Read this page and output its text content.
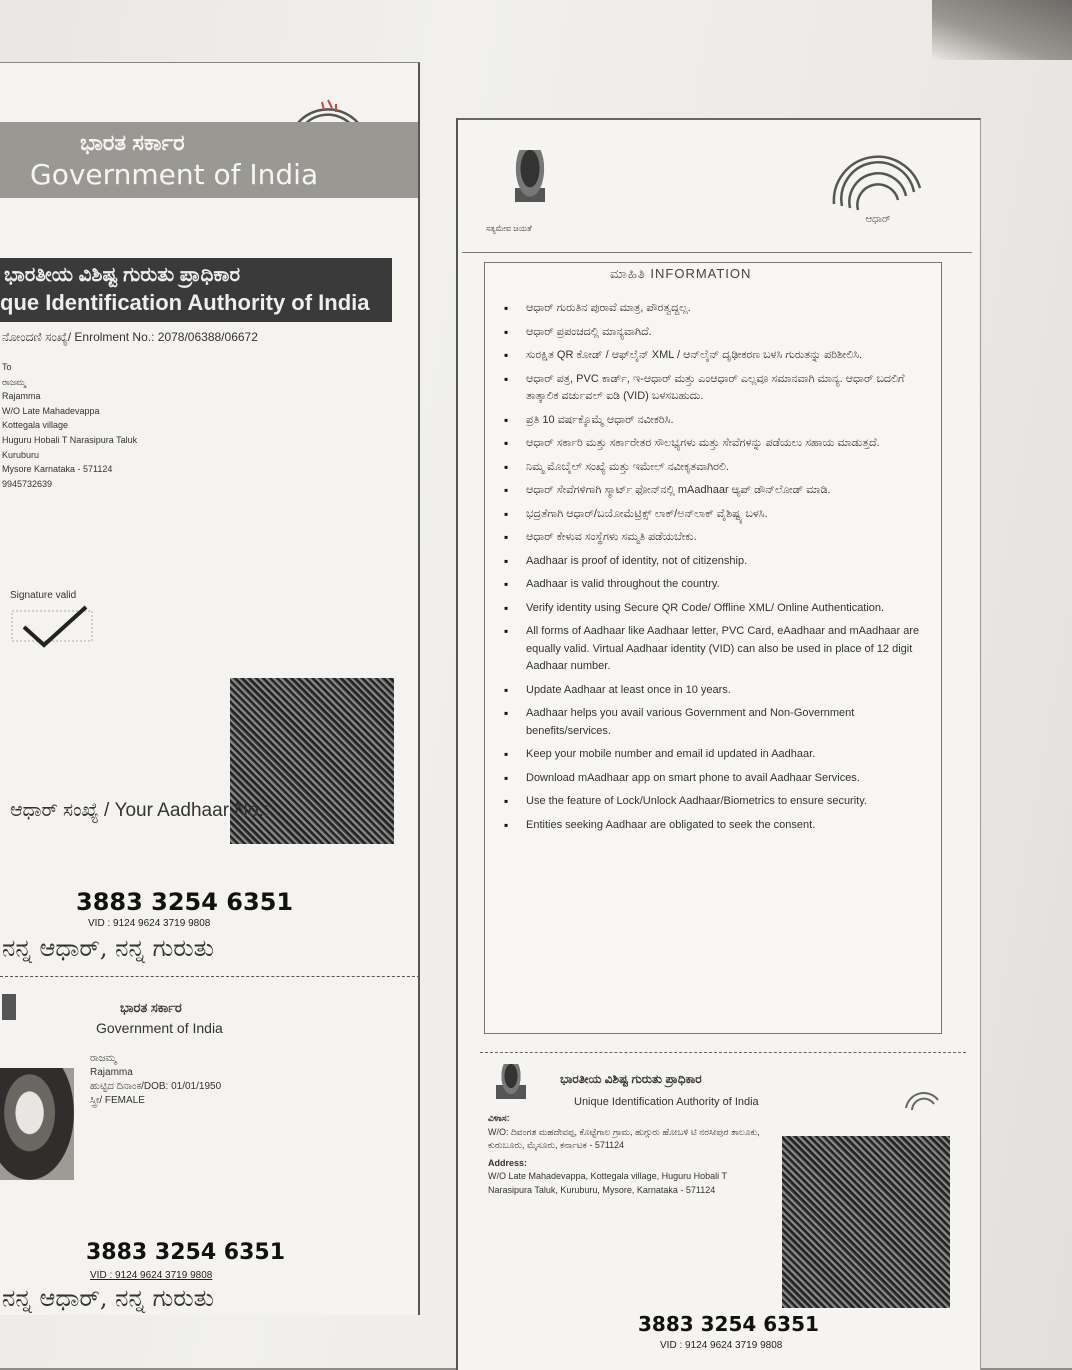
ಭಾರತ ಸರ್ಕಾರ
Government of India
ಭಾರತೀಯ ವಿಶಿಷ್ಟ ಗುರುತು ಪ್ರಾಧಿಕಾರ
que Identification Authority of India
ನೋಂದಣಿ ಸಂಖ್ಯೆ/ Enrolment No.: 2078/06388/06672
To
ರಾಜಮ್ಮ
Rajamma
W/O Late Mahadevappa
Kottegala village
Huguru Hobali T Narasipura Taluk
Kuruburu
Mysore Karnataka - 571124
9945732639
Signature valid
ಆಧಾರ್ ಸಂಖ್ಯೆ / Your Aadhaar No.:
3883 3254 6351
VID : 9124 9624 3719 9808
ನನ್ನ ಆಧಾರ್, ನನ್ನ ಗುರುತು
ಭಾರತ ಸರ್ಕಾರ
Government of India
ರಾಜಮ್ಮ
Rajamma
ಹುಟ್ಟಿದ ದಿನಾಂಕ/DOB: 01/01/1950
ಸ್ತ್ರೀ/ FEMALE
3883 3254 6351
VID : 9124 9624 3719 9808
ನನ್ನ ಆಧಾರ್, ನನ್ನ ಗುರುತು
ಸತ್ಯಮೇವ ಜಯತೆ
ಆಧಾರ್
ಮಾಹಿತಿ INFORMATION
▪ ಆಧಾರ್ ಗುರುತಿನ ಪುರಾವೆ ಮಾತ್ರ, ಪೌರತ್ವದ್ದಲ್ಲ.
▪ ಆಧಾರ್ ಪ್ರಪಂಚದಲ್ಲಿ ಮಾನ್ಯವಾಗಿದೆ.
▪ ಸುರಕ್ಷಿತ QR ಕೋಡ್ / ಆಫ್‌ಲೈನ್ XML / ಆನ್‌ಲೈನ್ ದೃಢೀಕರಣ ಬಳಸಿ ಗುರುತನ್ನು ಪರಿಶೀಲಿಸಿ.
▪ ಆಧಾರ್ ಪತ್ರ, PVC ಕಾರ್ಡ್, ಇ-ಆಧಾರ್ ಮತ್ತು ಎಂಆಧಾರ್ ಎಲ್ಲವೂ ಸಮಾನವಾಗಿ ಮಾನ್ಯ. ಆಧಾರ್ ಬದಲಿಗೆ ತಾತ್ಕಾಲಿಕ ವರ್ಚುವಲ್ ಐಡಿ (VID) ಬಳಸಬಹುದು.
▪ ಪ್ರತಿ 10 ವರ್ಷಕ್ಕೊಮ್ಮೆ ಆಧಾರ್ ನವೀಕರಿಸಿ.
▪ ಆಧಾರ್ ಸರ್ಕಾರಿ ಮತ್ತು ಸರ್ಕಾರೇತರ ಸೌಲಭ್ಯಗಳು ಮತ್ತು ಸೇವೆಗಳನ್ನು ಪಡೆಯಲು ಸಹಾಯ ಮಾಡುತ್ತದೆ.
▪ ನಿಮ್ಮ ಮೊಬೈಲ್ ಸಂಖ್ಯೆ ಮತ್ತು ಇಮೇಲ್ ನವೀಕೃತವಾಗಿರಲಿ.
▪ ಆಧಾರ್ ಸೇವೆಗಳಿಗಾಗಿ ಸ್ಮಾರ್ಟ್ ಫೋನ್‌ನಲ್ಲಿ mAadhaar ಆ್ಯಪ್ ಡೌನ್‌ಲೋಡ್ ಮಾಡಿ.
▪ ಭದ್ರತೆಗಾಗಿ ಆಧಾರ್/ಬಯೋಮೆಟ್ರಿಕ್ಸ್ ಲಾಕ್/ಅನ್‌ಲಾಕ್ ವೈಶಿಷ್ಟ್ಯ ಬಳಸಿ.
▪ ಆಧಾರ್ ಕೇಳುವ ಸಂಸ್ಥೆಗಳು ಸಮ್ಮತಿ ಪಡೆಯಬೇಕು.
▪ Aadhaar is proof of identity, not of citizenship.
▪ Aadhaar is valid throughout the country.
▪ Verify identity using Secure QR Code/ Offline XML/ Online Authentication.
▪ All forms of Aadhaar like Aadhaar letter, PVC Card, eAadhaar and mAadhaar are equally valid. Virtual Aadhaar identity (VID) can also be used in place of 12 digit Aadhaar number.
▪ Update Aadhaar at least once in 10 years.
▪ Aadhaar helps you avail various Government and Non-Government benefits/services.
▪ Keep your mobile number and email id updated in Aadhaar.
▪ Download mAadhaar app on smart phone to avail Aadhaar Services.
▪ Use the feature of Lock/Unlock Aadhaar/Biometrics to ensure security.
▪ Entities seeking Aadhaar are obligated to seek the consent.
ಭಾರತೀಯ ವಿಶಿಷ್ಟ ಗುರುತು ಪ್ರಾಧಿಕಾರ
Unique Identification Authority of India
ವಿಳಾಸ:
W/O: ದಿವಂಗತ ಮಹದೇವಪ್ಪ, ಕೊಟ್ಟೆಗಾಲ ಗ್ರಾಮ, ಹುಗ್ಗುರು ಹೋಬಳಿ ಟಿ ನರಸೀಪುರ ತಾಲೂಕು, ಕುರುಬೂರು, ಮೈಸೂರು, ಕರ್ನಾಟಕ - 571124
Address:
W/O Late Mahadevappa, Kottegala village, Huguru Hobali T Narasipura Taluk, Kuruburu, Mysore, Karnataka - 571124
3883 3254 6351
VID : 9124 9624 3719 9808
